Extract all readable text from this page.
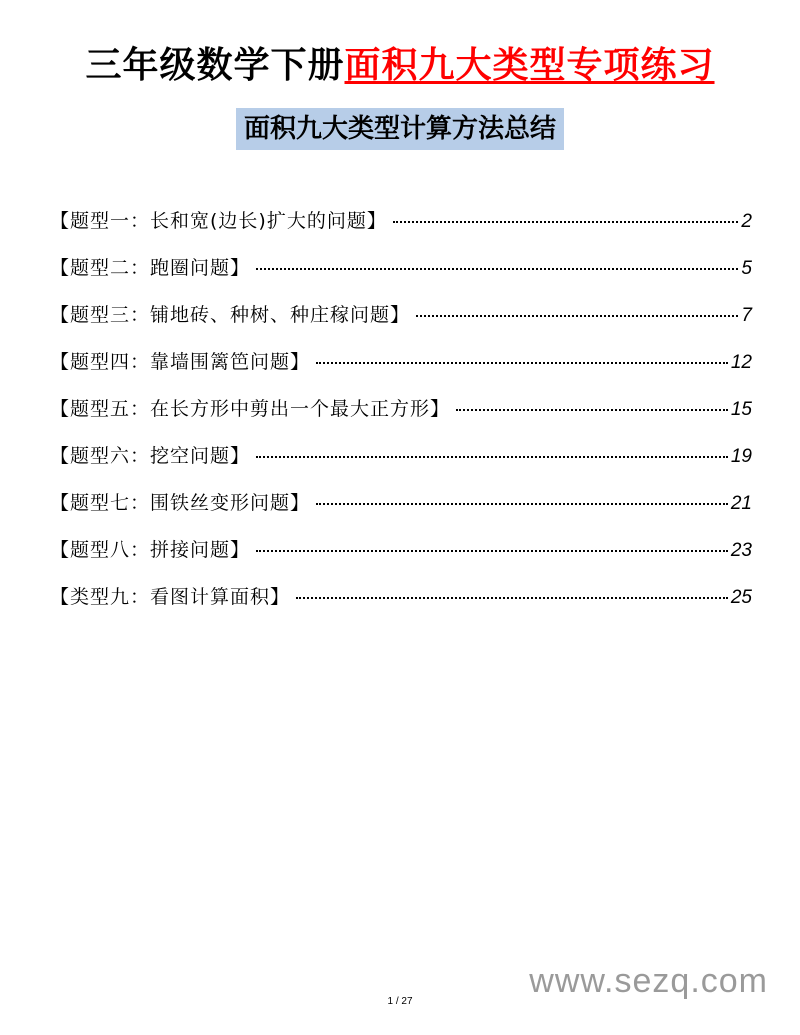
三年级数学下册面积九大类型专项练习
面积九大类型计算方法总结
【题型一：长和宽(边长)扩大的问题】	2
【题型二：跑圈问题】	5
【题型三：铺地砖、种树、种庄稼问题】	7
【题型四：靠墙围篱笆问题】	12
【题型五：在长方形中剪出一个最大正方形】	15
【题型六：挖空问题】	19
【题型七：围铁丝变形问题】	21
【题型八：拼接问题】	23
【类型九：看图计算面积】	25
www.sezq.com
1 / 27
